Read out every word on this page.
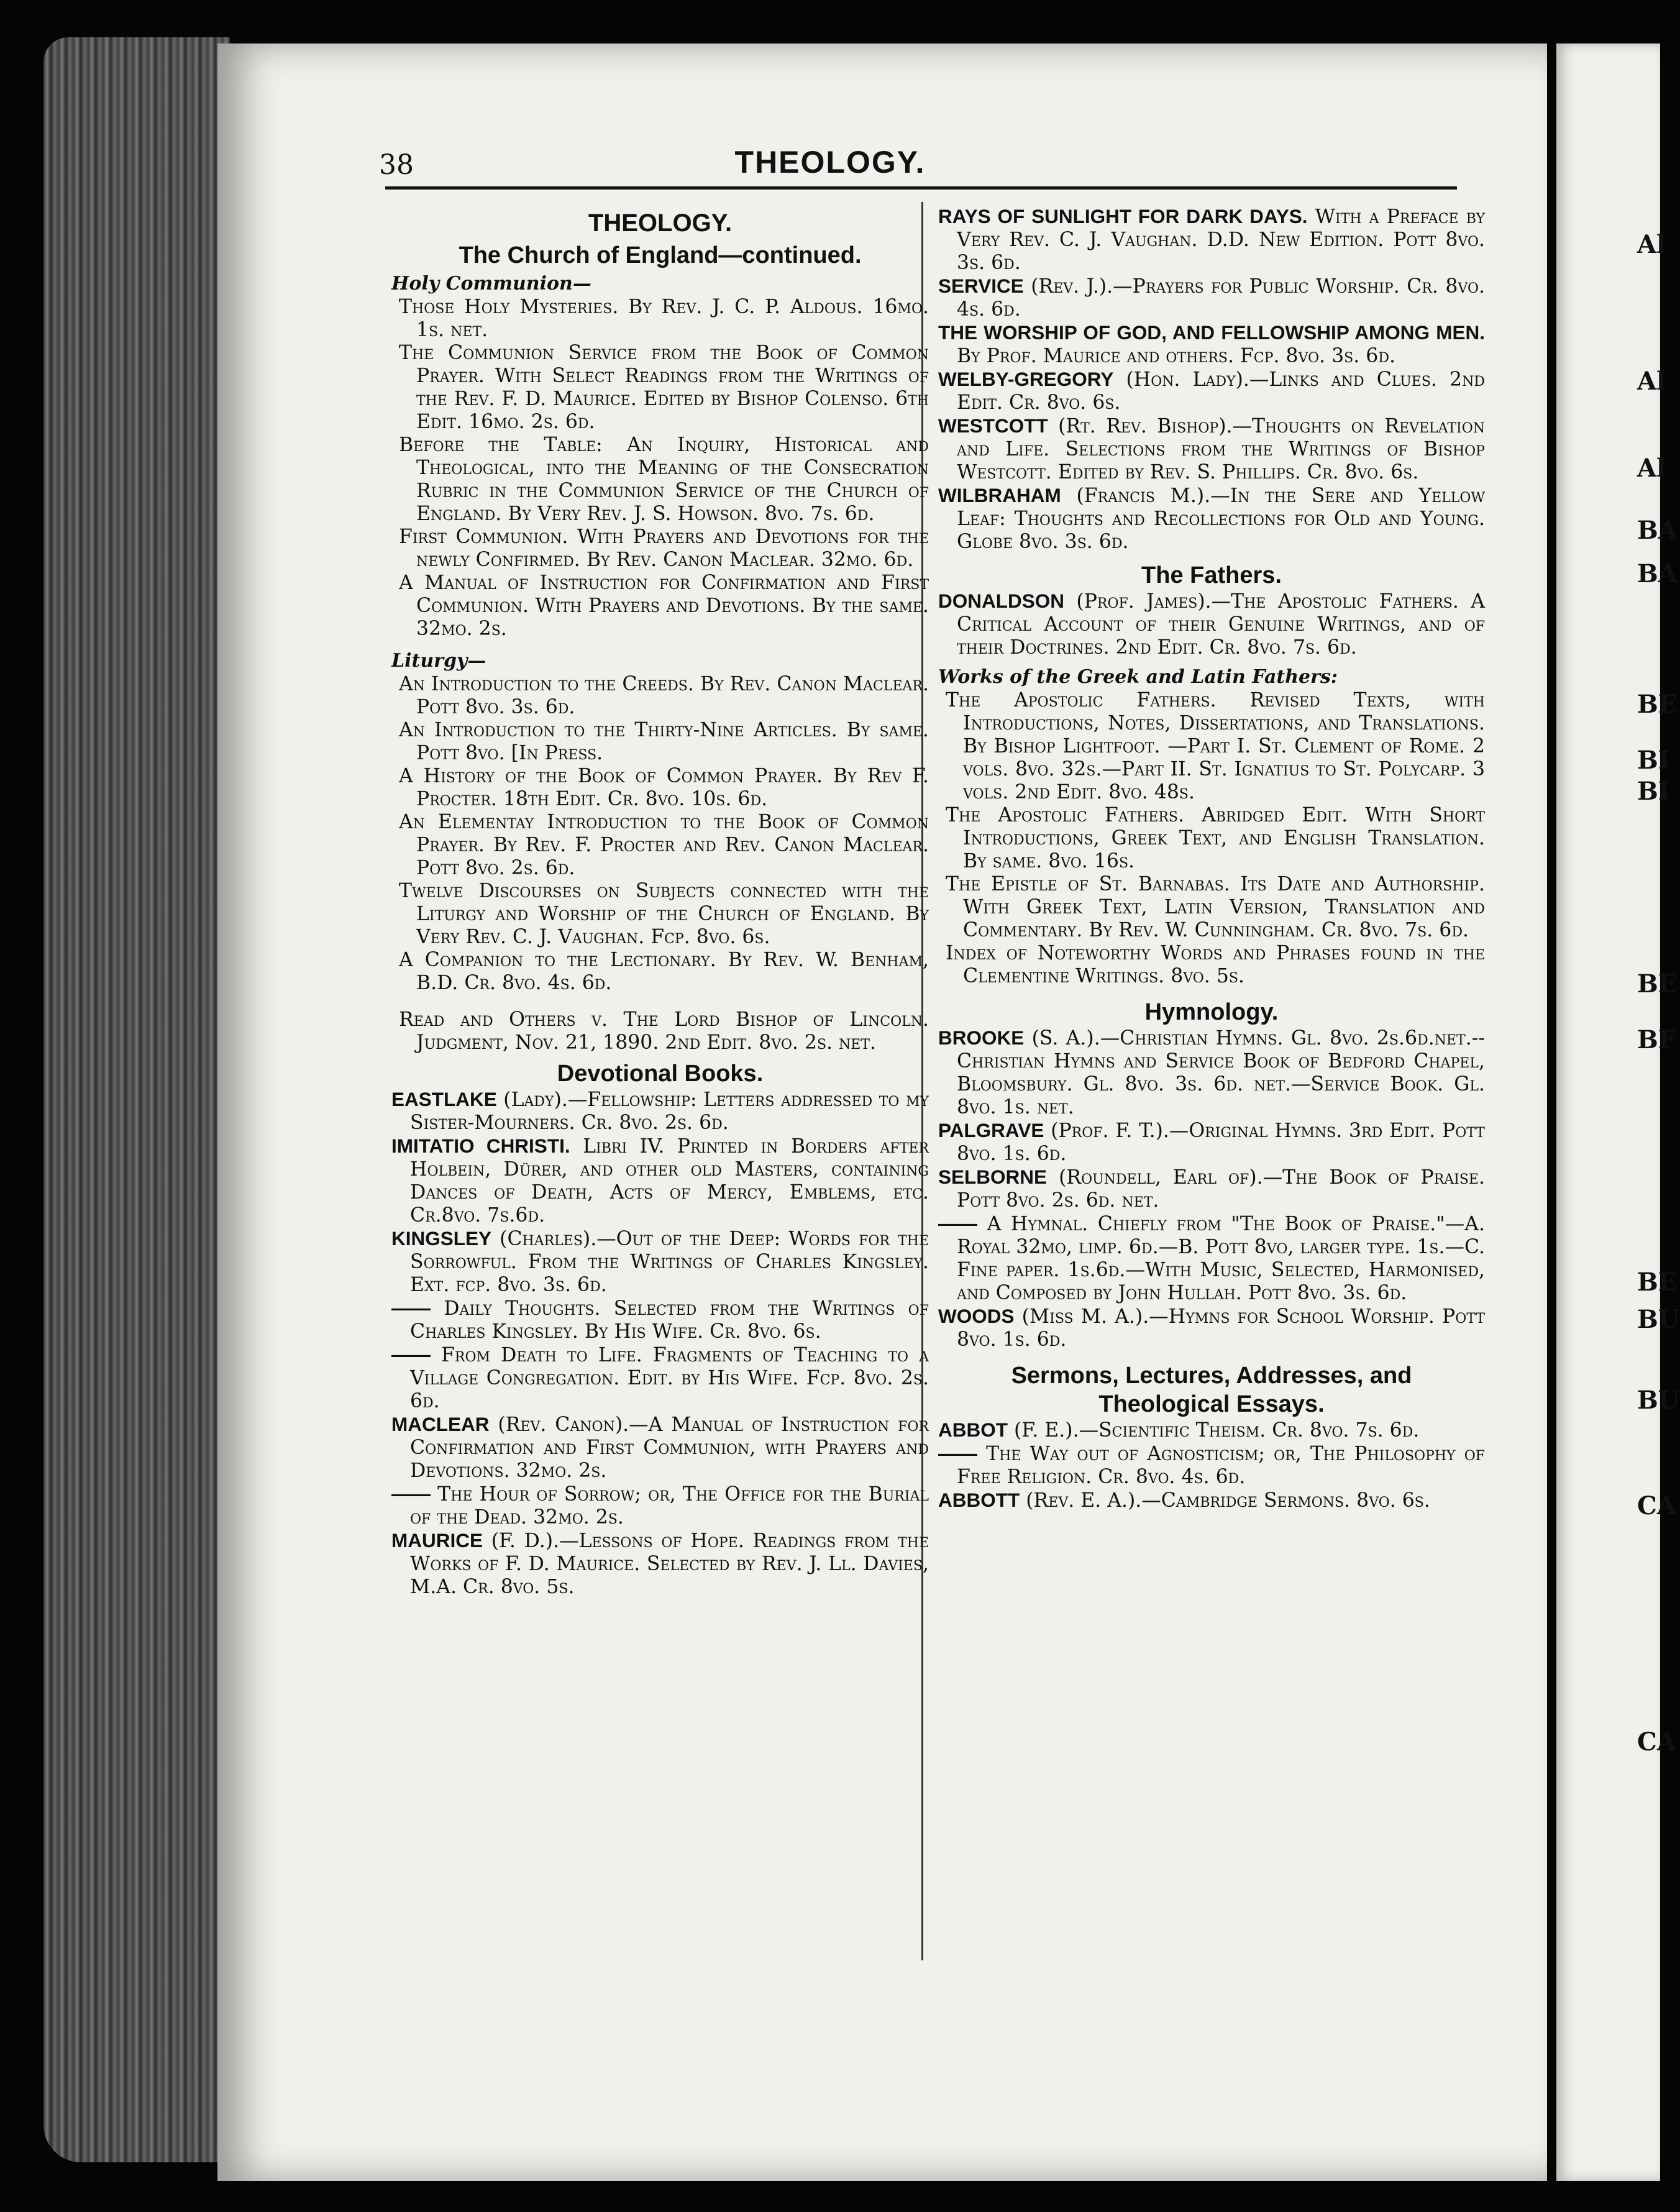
Al
Al
Al
BA
BA
BE
BI
BI
BE
BF
BE
BU
BU
CA
CA
38	THEOLOGY.
THEOLOGY.
The Church of England—continued.
Holy Communion—

Those Holy Mysteries. By Rev. J. C. P. Aldous. 16mo. 1s. net.

The Communion Service from the Book of Common Prayer. With Select Readings from the Writings of the Rev. F. D. Maurice. Edited by Bishop Colenso. 6th Edit. 16mo. 2s. 6d.

Before the Table: An Inquiry, Historical and Theological, into the Meaning of the Consecration Rubric in the Communion Service of the Church of England. By Very Rev. J. S. Howson. 8vo. 7s. 6d.

First Communion. With Prayers and Devotions for the newly Confirmed. By Rev. Canon Maclear. 32mo. 6d.

A Manual of Instruction for Confirmation and First Communion. With Prayers and Devotions. By the same. 32mo. 2s.

Liturgy—

An Introduction to the Creeds. By Rev. Canon Maclear. Pott 8vo. 3s. 6d.

An Introduction to the Thirty-Nine Articles. By same. Pott 8vo. [In Press.

A History of the Book of Common Prayer. By Rev F. Procter. 18th Edit. Cr. 8vo. 10s. 6d.

An Elementay Introduction to the Book of Common Prayer. By Rev. F. Procter and Rev. Canon Maclear. Pott 8vo. 2s. 6d.

Twelve Discourses on Subjects connected with the Liturgy and Worship of the Church of England. By Very Rev. C. J. Vaughan. Fcp. 8vo. 6s.

A Companion to the Lectionary. By Rev. W. Benham, B.D. Cr. 8vo. 4s. 6d.

Read and Others v. The Lord Bishop of Lincoln. Judgment, Nov. 21, 1890. 2nd Edit. 8vo. 2s. net.

Devotional Books.

EASTLAKE (Lady).—Fellowship: Letters addressed to my Sister-Mourners. Cr. 8vo. 2s. 6d.

IMITATIO CHRISTI. Libri IV. Printed in Borders after Holbein, Dürer, and other old Masters, containing Dances of Death, Acts of Mercy, Emblems, etc. Cr.8vo. 7s.6d.

KINGSLEY (Charles).—Out of the Deep: Words for the Sorrowful. From the Writings of Charles Kingsley. Ext. fcp. 8vo. 3s. 6d.

—— Daily Thoughts. Selected from the Writings of Charles Kingsley. By His Wife. Cr. 8vo. 6s.

—— From Death to Life. Fragments of Teaching to a Village Congregation. Edit. by His Wife. Fcp. 8vo. 2s. 6d.

MACLEAR (Rev. Canon).—A Manual of Instruction for Confirmation and First Communion, with Prayers and Devotions. 32mo. 2s.

—— The Hour of Sorrow; or, The Office for the Burial of the Dead. 32mo. 2s.

MAURICE (F. D.).—Lessons of Hope. Readings from the Works of F. D. Maurice. Selected by Rev. J. Ll. Davies, M.A. Cr. 8vo. 5s.

RAYS OF SUNLIGHT FOR DARK DAYS. With a Preface by Very Rev. C. J. Vaughan. D.D. New Edition. Pott 8vo. 3s. 6d.

SERVICE (Rev. J.).—Prayers for Public Worship. Cr. 8vo. 4s. 6d.

THE WORSHIP OF GOD, AND FELLOWSHIP AMONG MEN. By Prof. Maurice and others. Fcp. 8vo. 3s. 6d.

WELBY-GREGORY (Hon. Lady).—Links and Clues. 2nd Edit. Cr. 8vo. 6s.

WESTCOTT (Rt. Rev. Bishop).—Thoughts on Revelation and Life. Selections from the Writings of Bishop Westcott. Edited by Rev. S. Phillips. Cr. 8vo. 6s.

WILBRAHAM (Francis M.).—In the Sere and Yellow Leaf: Thoughts and Recollections for Old and Young. Globe 8vo. 3s. 6d.

The Fathers.

DONALDSON (Prof. James).—The Apostolic Fathers. A Critical Account of their Genuine Writings, and of their Doctrines. 2nd Edit. Cr. 8vo. 7s. 6d.

Works of the Greek and Latin Fathers:

The Apostolic Fathers. Revised Texts, with Introductions, Notes, Dissertations, and Translations. By Bishop Lightfoot. —Part I. St. Clement of Rome. 2 vols. 8vo. 32s.—Part II. St. Ignatius to St. Polycarp. 3 vols. 2nd Edit. 8vo. 48s.

The Apostolic Fathers. Abridged Edit. With Short Introductions, Greek Text, and English Translation. By same. 8vo. 16s.

The Epistle of St. Barnabas. Its Date and Authorship. With Greek Text, Latin Version, Translation and Commentary. By Rev. W. Cunningham. Cr. 8vo. 7s. 6d.

Index of Noteworthy Words and Phrases found in the Clementine Writings. 8vo. 5s.

Hymnology.

BROOKE (S. A.).—Christian Hymns. Gl. 8vo. 2s.6d.net.--Christian Hymns and Service Book of Bedford Chapel, Bloomsbury. Gl. 8vo. 3s. 6d. net.—Service Book. Gl. 8vo. 1s. net.

PALGRAVE (Prof. F. T.).—Original Hymns. 3rd Edit. Pott 8vo. 1s. 6d.

SELBORNE (Roundell, Earl of).—The Book of Praise. Pott 8vo. 2s. 6d. net.

—— A Hymnal. Chiefly from "The Book of Praise."—A. Royal 32mo, limp. 6d.—B. Pott 8vo, larger type. 1s.—C. Fine paper. 1s.6d.—With Music, Selected, Harmonised, and Composed by John Hullah. Pott 8vo. 3s. 6d.

WOODS (Miss M. A.).—Hymns for School Worship. Pott 8vo. 1s. 6d.

Sermons, Lectures, Addresses, and
Theological Essays.

ABBOT (F. E.).—Scientific Theism. Cr. 8vo. 7s. 6d.

—— The Way out of Agnosticism; or, The Philosophy of Free Religion. Cr. 8vo. 4s. 6d.

ABBOTT (Rev. E. A.).—Cambridge Sermons. 8vo. 6s.
